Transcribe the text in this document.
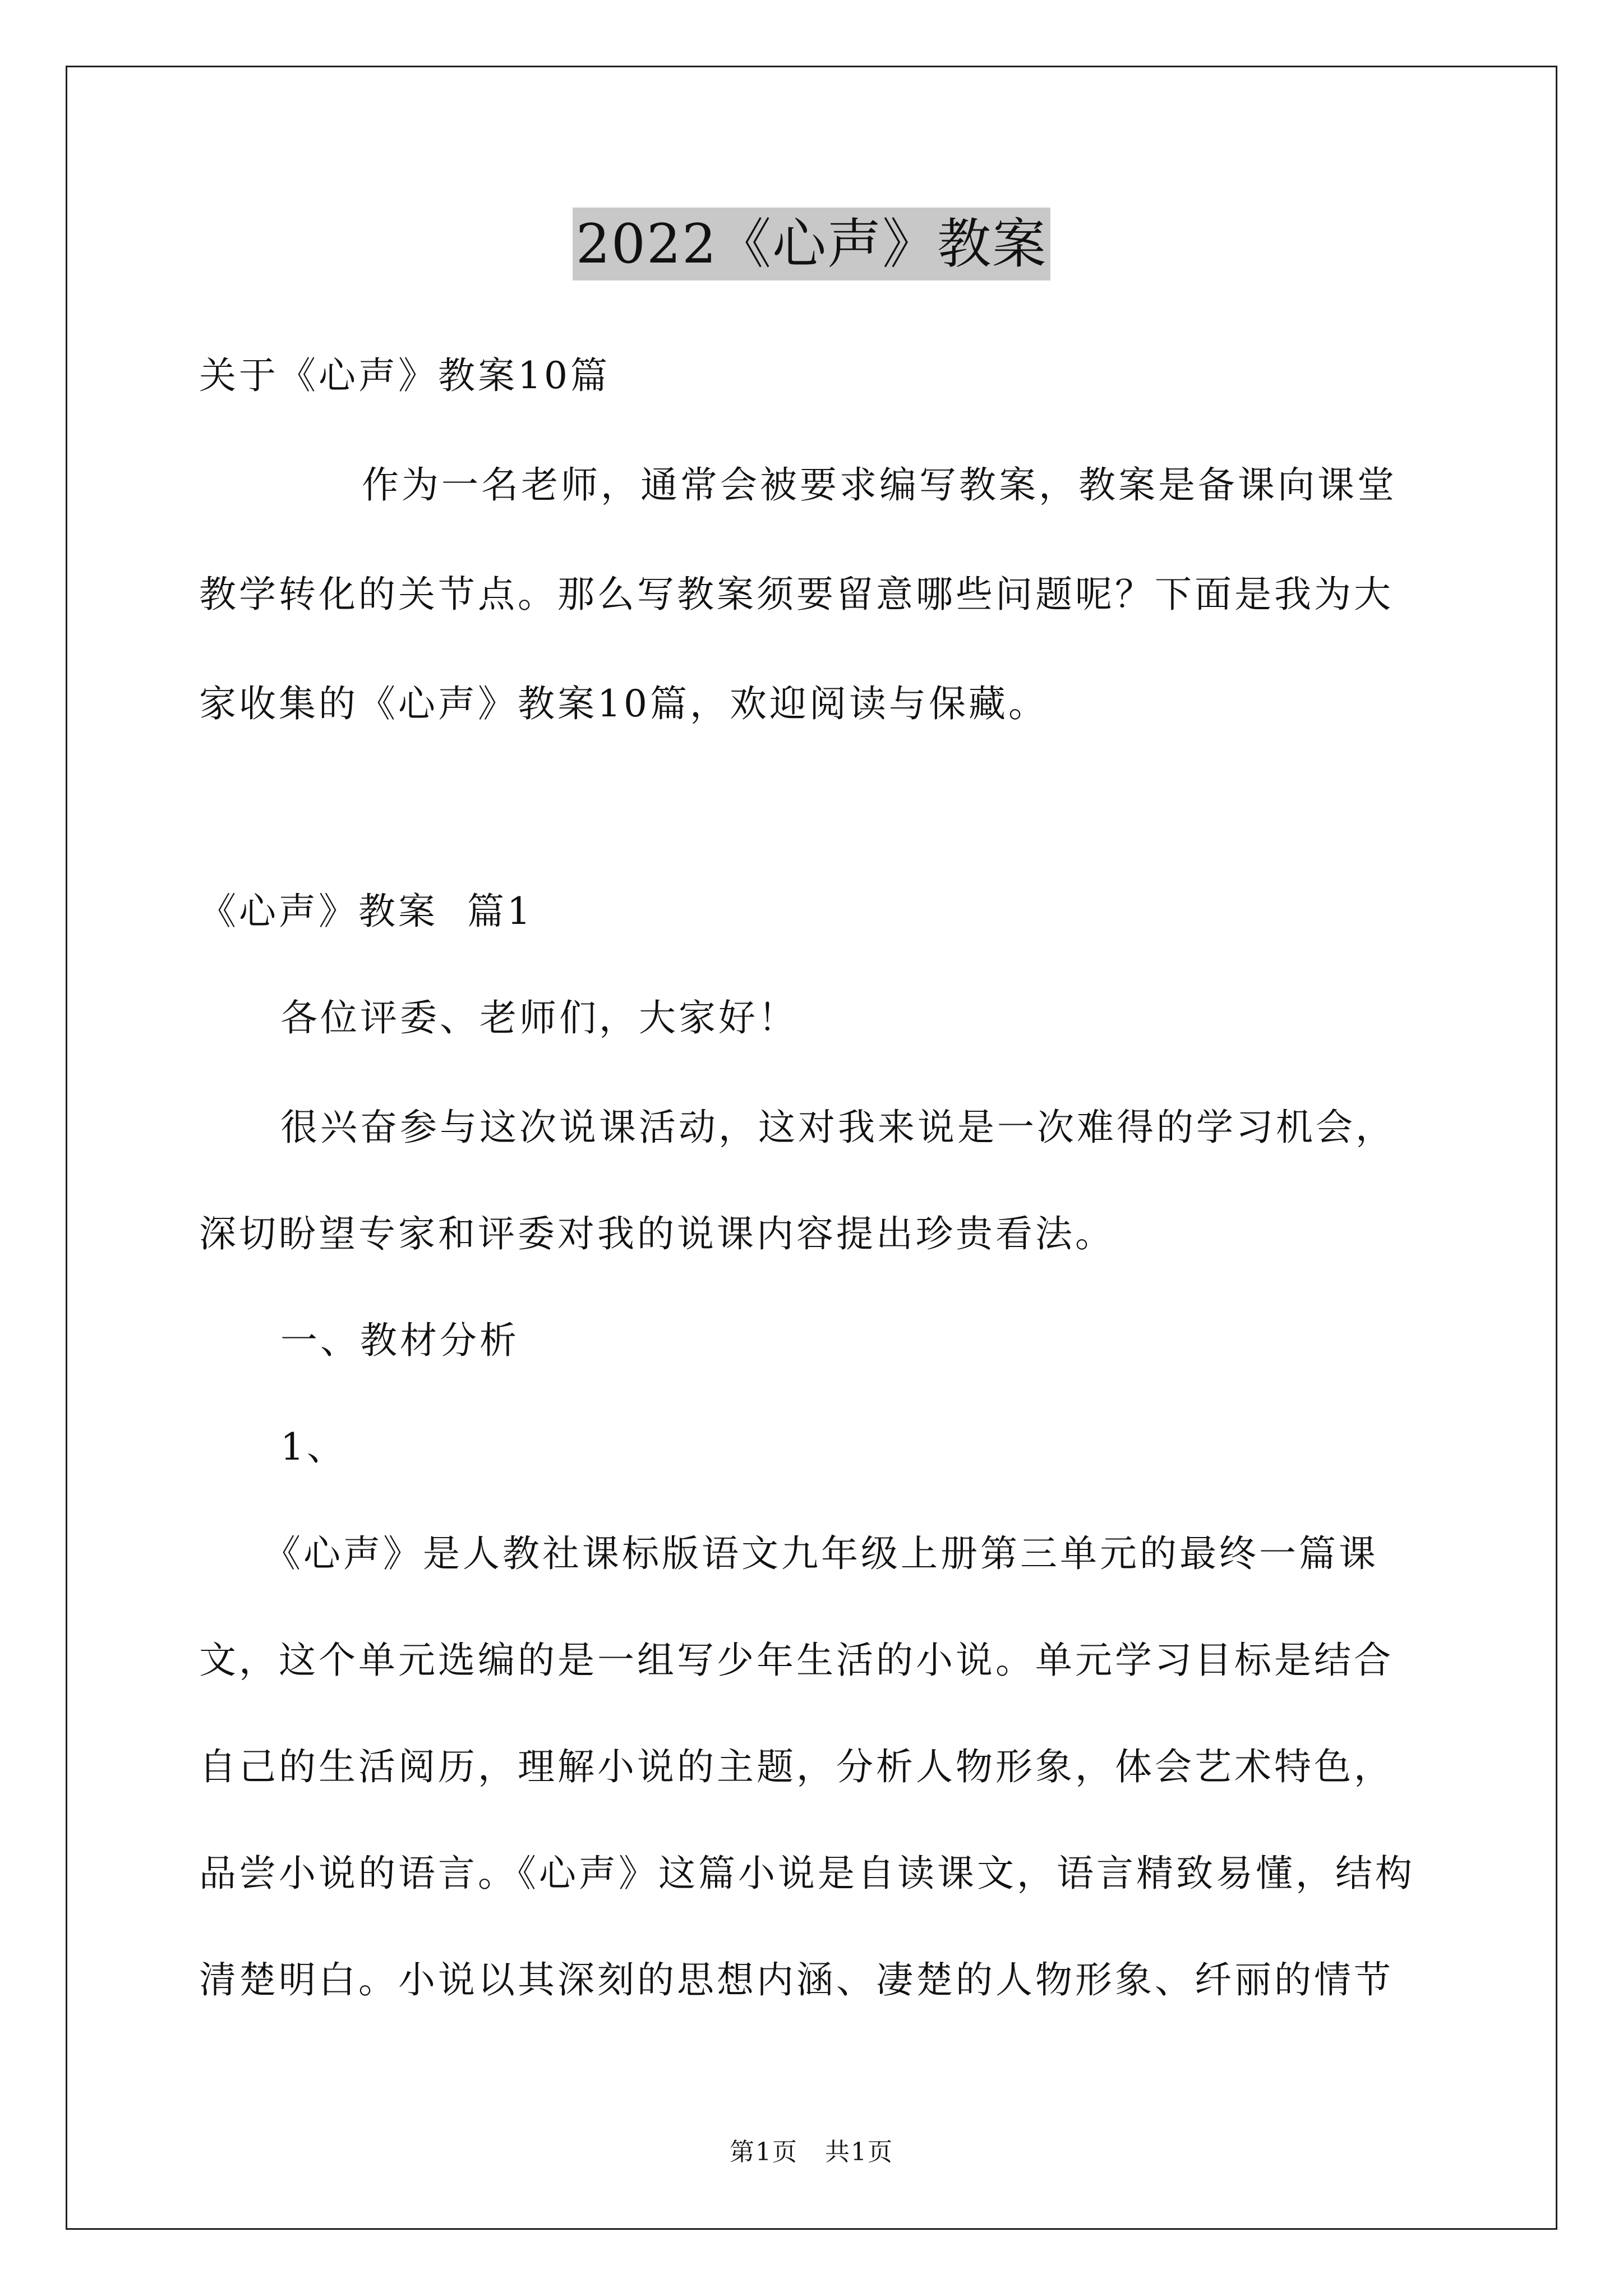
2022《心声》教案
关于《心声》教案10篇
作为一名老师，通常会被要求编写教案，教案是备课向课堂
教学转化的关节点。那么写教案须要留意哪些问题呢？下面是我为大
家收集的《心声》教案10篇，欢迎阅读与保藏。
《心声》教案  篇1
各位评委、老师们，大家好！
很兴奋参与这次说课活动，这对我来说是一次难得的学习机会，
深切盼望专家和评委对我的说课内容提出珍贵看法。
一、教材分析
1、
《心声》是人教社课标版语文九年级上册第三单元的最终一篇课
文，这个单元选编的是一组写少年生活的小说。单元学习目标是结合
自己的生活阅历，理解小说的主题，分析人物形象，体会艺术特色，
品尝小说的语言。《心声》这篇小说是自读课文，语言精致易懂，结构
清楚明白。小说以其深刻的思想内涵、凄楚的人物形象、纤丽的情节
第1页   共1页
